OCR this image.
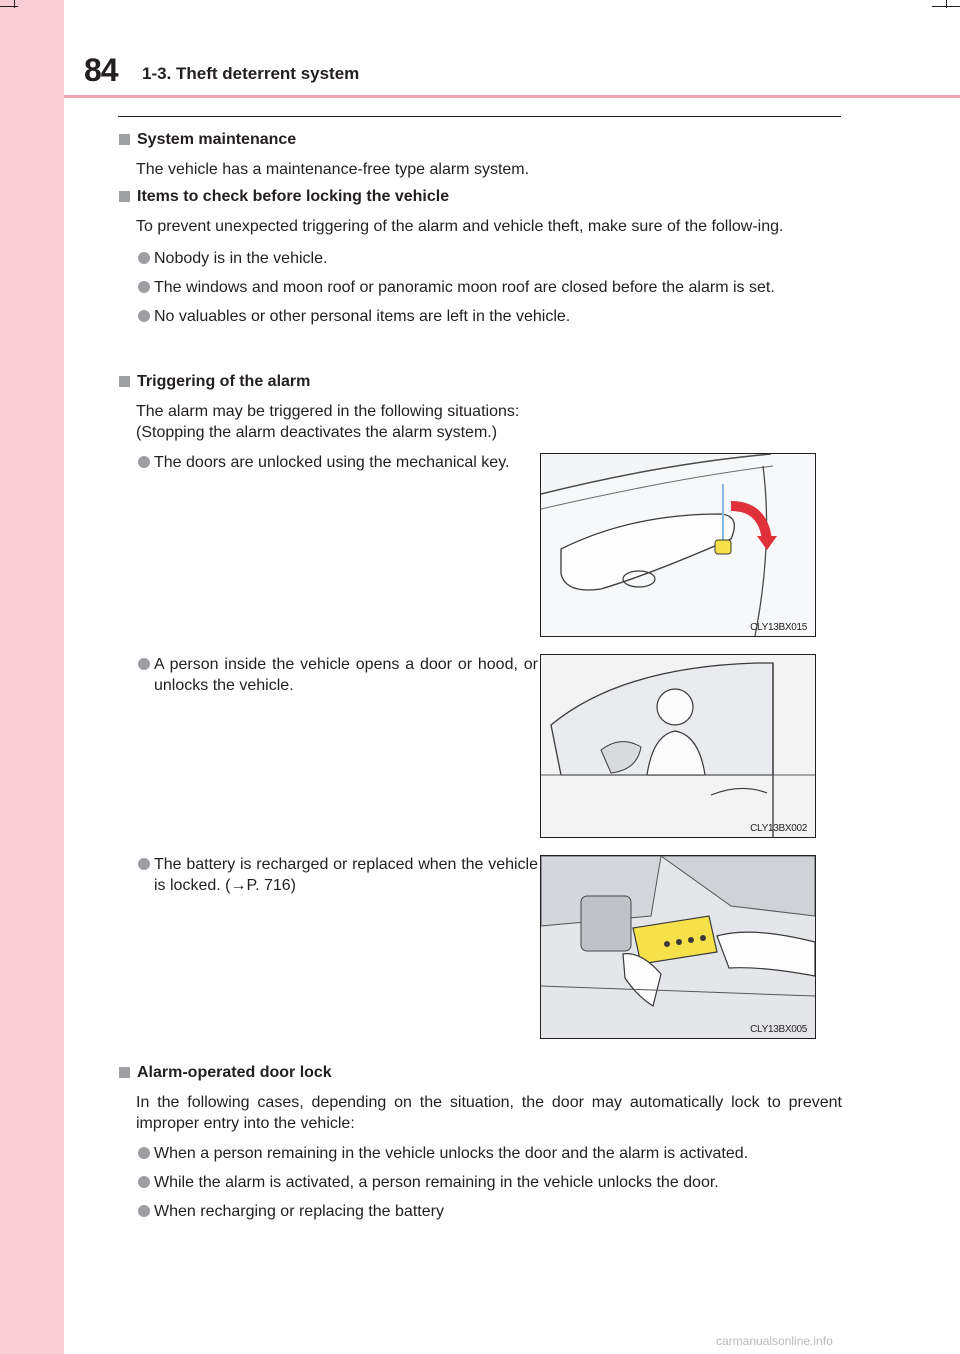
84 1-3. Theft deterrent system
System maintenance
The vehicle has a maintenance-free type alarm system.
Items to check before locking the vehicle
To prevent unexpected triggering of the alarm and vehicle theft, make sure of the follow-ing.
Nobody is in the vehicle.
The windows and moon roof or panoramic moon roof are closed before the alarm is set.
No valuables or other personal items are left in the vehicle.
Triggering of the alarm
The alarm may be triggered in the following situations:
(Stopping the alarm deactivates the alarm system.)
The doors are unlocked using the mechanical key.
A person inside the vehicle opens a door or hood, or unlocks the vehicle.
The battery is recharged or replaced when the vehicle is locked. (→P. 716)
CLY13BX015
CLY13BX002
CLY13BX005
Alarm-operated door lock
In the following cases, depending on the situation, the door may automatically lock to prevent improper entry into the vehicle:
When a person remaining in the vehicle unlocks the door and the alarm is activated.
While the alarm is activated, a person remaining in the vehicle unlocks the door.
When recharging or replacing the battery
carmanualsonline.info
